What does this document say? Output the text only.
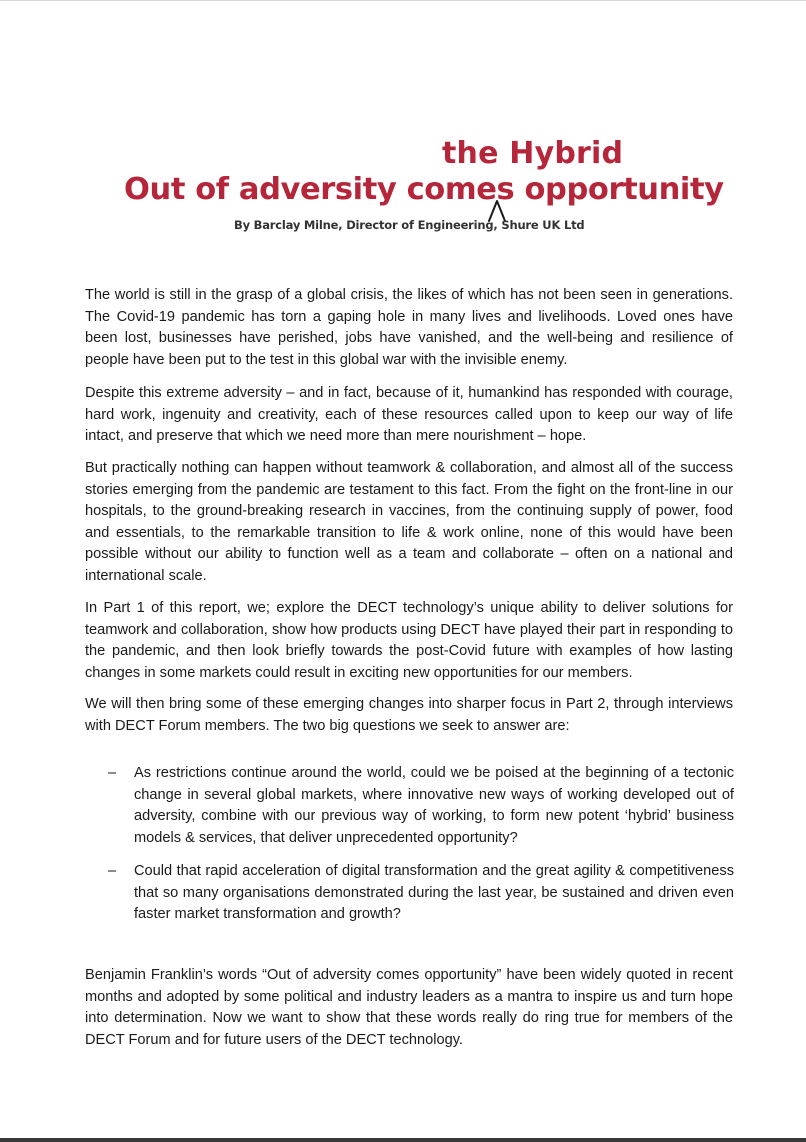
the Hybrid
Out of adversity comes opportunity
By Barclay Milne, Director of Engineering, Shure UK Ltd

The world is still in the grasp of a global crisis, the likes of which has not been seen in generations. The Covid-19 pandemic has torn a gaping hole in many lives and livelihoods. Loved ones have been lost, businesses have perished, jobs have vanished, and the well-being and resilience of people have been put to the test in this global war with the invisible enemy.

Despite this extreme adversity – and in fact, because of it, humankind has responded with courage, hard work, ingenuity and creativity, each of these resources called upon to keep our way of life intact, and preserve that which we need more than mere nourishment – hope.

But practically nothing can happen without teamwork & collaboration, and almost all of the success stories emerging from the pandemic are testament to this fact. From the fight on the front-line in our hospitals, to the ground-breaking research in vaccines, from the continuing supply of power, food and essentials, to the remarkable transition to life & work online, none of this would have been possible without our ability to function well as a team and collaborate – often on a national and international scale.

In Part 1 of this report, we; explore the DECT technology’s unique ability to deliver solutions for teamwork and collaboration, show how products using DECT have played their part in responding to the pandemic, and then look briefly towards the post-Covid future with examples of how lasting changes in some markets could result in exciting new opportunities for our members.

We will then bring some of these emerging changes into sharper focus in Part 2, through interviews with DECT Forum members. The two big questions we seek to answer are:

– As restrictions continue around the world, could we be poised at the beginning of a tectonic change in several global markets, where innovative new ways of working developed out of adversity, combine with our previous way of working, to form new potent ‘hybrid’ business models & services, that deliver unprecedented opportunity?
– Could that rapid acceleration of digital transformation and the great agility & competitiveness that so many organisations demonstrated during the last year, be sustained and driven even faster market transformation and growth?

Benjamin Franklin’s words “Out of adversity comes opportunity” have been widely quoted in recent months and adopted by some political and industry leaders as a mantra to inspire us and turn hope into determination. Now we want to show that these words really do ring true for members of the DECT Forum and for future users of the DECT technology.
